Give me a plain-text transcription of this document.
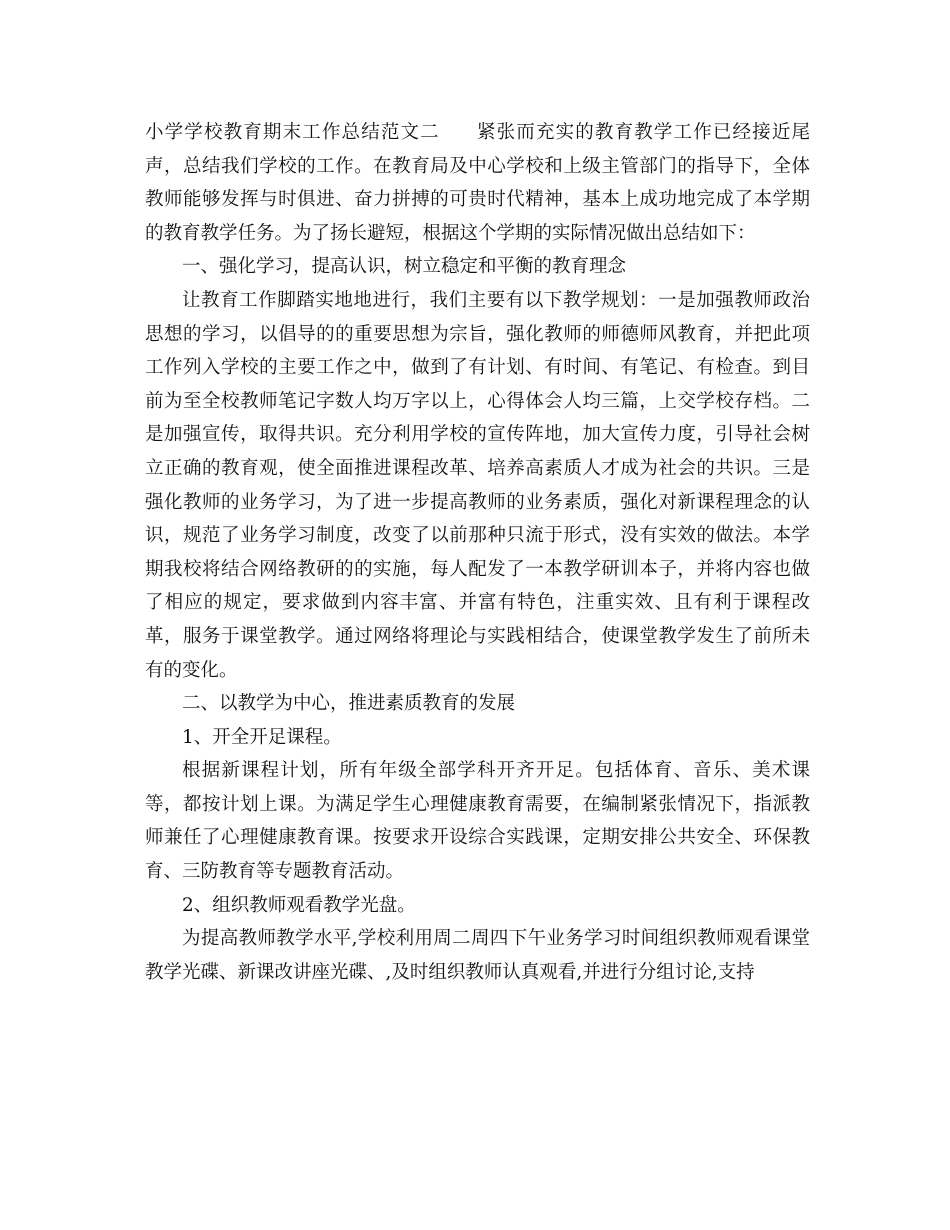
小学学校教育期末工作总结范文二 紧张而充实的教育教学工作已经接近尾声，总结我们学校的工作。在教育局及中心学校和上级主管部门的指导下，全体教师能够发挥与时俱进、奋力拼搏的可贵时代精神，基本上成功地完成了本学期的教育教学任务。为了扬长避短，根据这个学期的实际情况做出总结如下：

一、强化学习，提高认识，树立稳定和平衡的教育理念

让教育工作脚踏实地地进行，我们主要有以下教学规划：一是加强教师政治思想的学习，以倡导的的重要思想为宗旨，强化教师的师德师风教育，并把此项工作列入学校的主要工作之中，做到了有计划、有时间、有笔记、有检查。到目前为至全校教师笔记字数人均万字以上，心得体会人均三篇，上交学校存档。二是加强宣传，取得共识。充分利用学校的宣传阵地，加大宣传力度，引导社会树立正确的教育观，使全面推进课程改革、培养高素质人才成为社会的共识。三是强化教师的业务学习，为了进一步提高教师的业务素质，强化对新课程理念的认识，规范了业务学习制度，改变了以前那种只流于形式，没有实效的做法。本学期我校将结合网络教研的的实施，每人配发了一本教学研训本子，并将内容也做了相应的规定，要求做到内容丰富、并富有特色，注重实效、且有利于课程改革，服务于课堂教学。通过网络将理论与实践相结合，使课堂教学发生了前所未有的变化。

二、以教学为中心，推进素质教育的发展

1、开全开足课程。

根据新课程计划，所有年级全部学科开齐开足。包括体育、音乐、美术课等，都按计划上课。为满足学生心理健康教育需要，在编制紧张情况下，指派教师兼任了心理健康教育课。按要求开设综合实践课，定期安排公共安全、环保教育、三防教育等专题教育活动。

2、组织教师观看教学光盘。

为提高教师教学水平,学校利用周二周四下午业务学习时间组织教师观看课堂教学光碟、新课改讲座光碟、,及时组织教师认真观看,并进行分组讨论,支持
